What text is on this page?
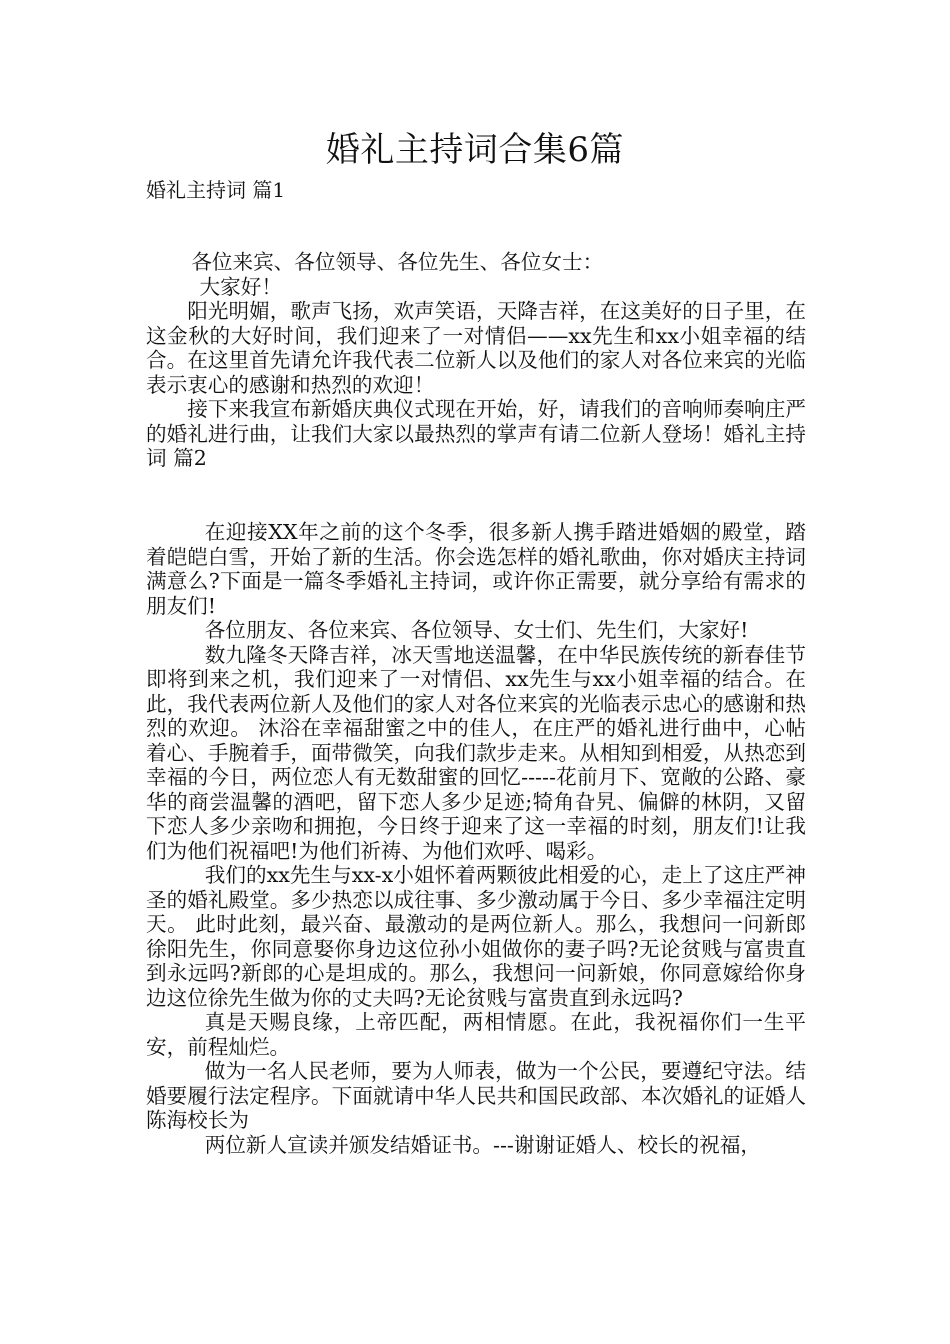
婚礼主持词合集6篇
婚礼主持词 篇1

各位来宾、各位领导、各位先生、各位女士：

大家好！

阳光明媚，歌声飞扬，欢声笑语，天降吉祥，在这美好的日子里，在这金秋的大好时间，我们迎来了一对情侣——xx先生和xx小姐幸福的结合。在这里首先请允许我代表二位新人以及他们的家人对各位来宾的光临表示衷心的感谢和热烈的欢迎！

接下来我宣布新婚庆典仪式现在开始，好，请我们的音响师奏响庄严的婚礼进行曲，让我们大家以最热烈的掌声有请二位新人登场！婚礼主持词 篇2

在迎接XX年之前的这个冬季，很多新人携手踏进婚姻的殿堂，踏着皑皑白雪，开始了新的生活。你会选怎样的婚礼歌曲，你对婚庆主持词满意么?下面是一篇冬季婚礼主持词，或许你正需要，就分享给有需求的朋友们!

各位朋友、各位来宾、各位领导、女士们、先生们，大家好!

数九隆冬天降吉祥，冰天雪地送温馨，在中华民族传统的新春佳节即将到来之机，我们迎来了一对情侣、xx先生与xx小姐幸福的结合。在此，我代表两位新人及他们的家人对各位来宾的光临表示忠心的感谢和热烈的欢迎。 沐浴在幸福甜蜜之中的佳人，在庄严的婚礼进行曲中，心帖着心、手腕着手，面带微笑，向我们款步走来。从相知到相爱，从热恋到幸福的今日，两位恋人有无数甜蜜的回忆-----花前月下、宽敞的公路、豪华的商尝温馨的酒吧，留下恋人多少足迹;犄角旮旯、偏僻的林阴，又留下恋人多少亲吻和拥抱，今日终于迎来了这一幸福的时刻，朋友们!让我们为他们祝福吧!为他们祈祷、为他们欢呼、喝彩。

我们的xx先生与xx-x小姐怀着两颗彼此相爱的心，走上了这庄严神圣的婚礼殿堂。多少热恋以成往事、多少激动属于今日、多少幸福注定明天。 此时此刻，最兴奋、最激动的是两位新人。那么，我想问一问新郎徐阳先生，你同意娶你身边这位孙小姐做你的妻子吗?无论贫贱与富贵直到永远吗?新郎的心是坦成的。那么，我想问一问新娘，你同意嫁给你身边这位徐先生做为你的丈夫吗?无论贫贱与富贵直到永远吗?

真是天赐良缘，上帝匹配，两相情愿。在此，我祝福你们一生平安，前程灿烂。

做为一名人民老师，要为人师表，做为一个公民，要遵纪守法。结婚要履行法定程序。下面就请中华人民共和国民政部、本次婚礼的证婚人陈海校长为

两位新人宣读并颁发结婚证书。---谢谢证婚人、校长的祝福，
